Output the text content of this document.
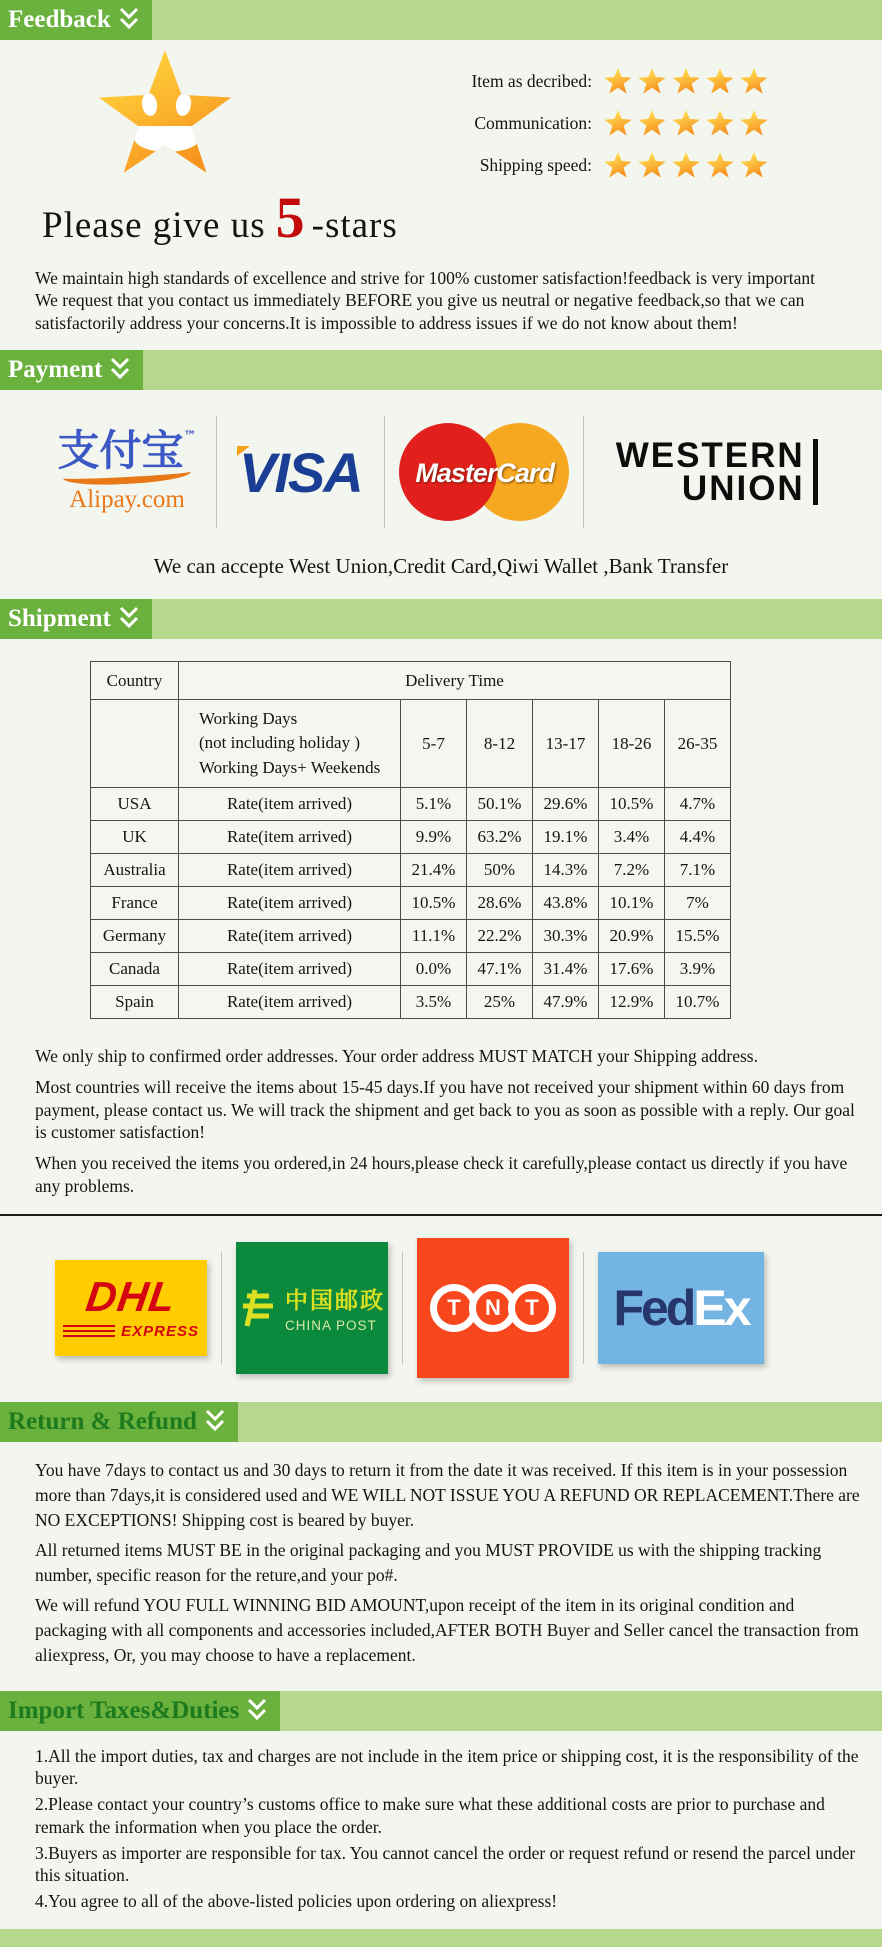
Feedback
Please give us 5 -stars
Item as decribed:
Communication:
Shipping speed:
We maintain high standards of excellence and strive for 100% customer satisfaction!feedback is very important
We request that you contact us immediately BEFORE you give us neutral or negative feedback,so that we can
satisfactorily address your concerns.It is impossible to address issues if we do not know about them!
Payment
支付宝™
Alipay.com VISA	MasterCard WESTERN
UNION
We can accepte West Union,Credit Card,Qiwi Wallet ,Bank Transfer
Shipment
Country	Delivery Time					

	Working Days
(not including holiday )
Working Days+ Weekends	5-7	8-12	13-17	18-26	26-35
USA	Rate(item arrived)	5.1%	50.1%	29.6%	10.5%	4.7%
UK	Rate(item arrived)	9.9%	63.2%	19.1%	3.4%	4.4%
Australia	Rate(item arrived)	21.4%	50%	14.3%	7.2%	7.1%
France	Rate(item arrived)	10.5%	28.6%	43.8%	10.1%	7%
Germany	Rate(item arrived)	11.1%	22.2%	30.3%	20.9%	15.5%
Canada	Rate(item arrived)	0.0%	47.1%	31.4%	17.6%	3.9%
Spain	Rate(item arrived)	3.5%	25%	47.9%	12.9%	10.7%

We only ship to confirmed order addresses. Your order address MUST MATCH your Shipping address.

Most countries will receive the items about 15-45 days.If you have not received your shipment within 60 days from payment, please contact us. We will track the shipment and get back to you as soon as possible with a reply. Our goal is customer satisfaction!

When you received the items you ordered,in 24 hours,please check it carefully,please contact us directly if you have any problems.

DHL
EXPRESS
中国邮政
CHINA POST
T N T FedEx
Return & Refund

You have 7days to contact us and 30 days to return it from the date it was received. If this item is in your possession more than 7days,it is considered used and WE WILL NOT ISSUE YOU A REFUND OR REPLACEMENT.There are NO EXCEPTIONS! Shipping cost is beared by buyer.

All returned items MUST BE in the original packaging and you MUST PROVIDE us with the shipping tracking number, specific reason for the reture,and your po#.

We will refund YOU FULL WINNING BID AMOUNT,upon receipt of the item in its original condition and packaging with all components and accessories included,AFTER BOTH Buyer and Seller cancel the transaction from aliexpress, Or, you may choose to have a replacement.

Import Taxes&Duties

1.All the import duties, tax and charges are not include in the item price or shipping cost, it is the responsibility of the buyer.

2.Please contact your country’s customs office to make sure what these additional costs are prior to purchase and remark the information when you place the order.

3.Buyers as importer are responsible for tax. You cannot cancel the order or request refund or resend the parcel under this situation.

4.You agree to all of the above-listed policies upon ordering on aliexpress!
